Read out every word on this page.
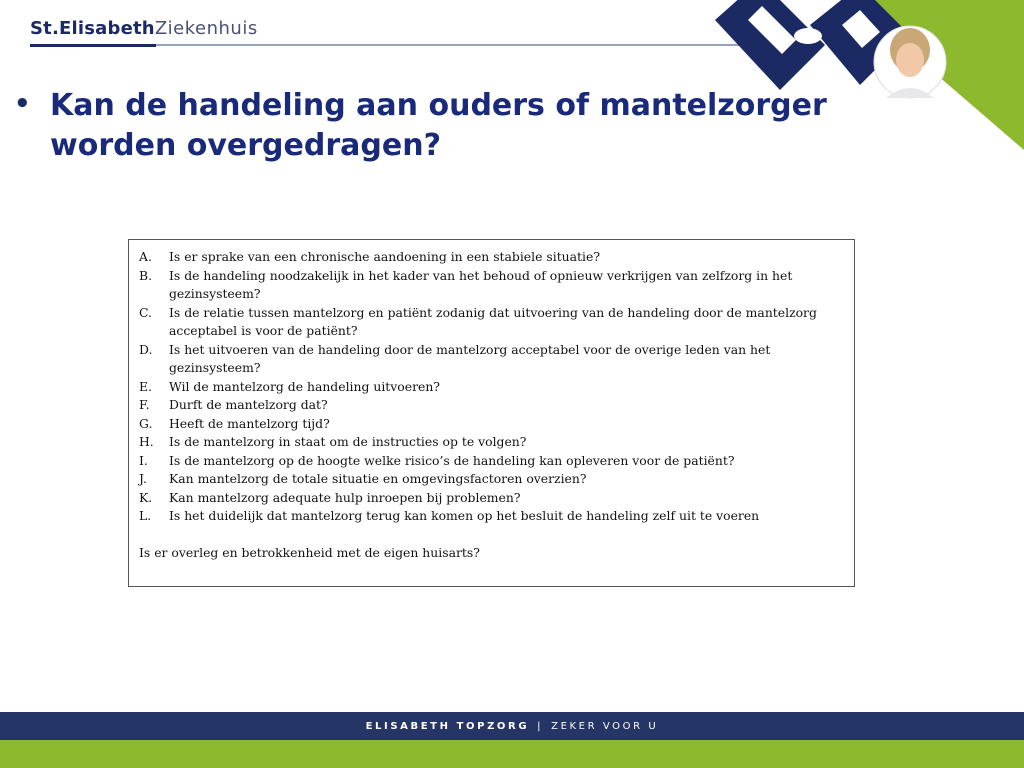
St.Elisabeth Ziekenhuis
• Kan de handeling aan ouders of mantelzorger worden overgedragen?
A.	Is er sprake van een chronische aandoening in een stabiele situatie?
B.	Is de handeling noodzakelijk in het kader van het behoud of opnieuw verkrijgen van zelfzorg in het gezinsysteem?
C.	Is de relatie tussen mantelzorg en patiënt zodanig dat uitvoering van de handeling door de mantelzorg acceptabel is voor de patiënt?
D.	Is het uitvoeren van de handeling door de mantelzorg acceptabel voor de overige leden van het gezinsysteem?
E.	Wil de mantelzorg de handeling uitvoeren?
F.	Durft de mantelzorg dat?
G.	Heeft de mantelzorg tijd?
H.	Is de mantelzorg in staat om de instructies op te volgen?
I.	Is de mantelzorg op de hoogte welke risico’s de handeling kan opleveren voor de patiënt?
J.	Kan mantelzorg de totale situatie en omgevingsfactoren overzien?
K.	Kan mantelzorg adequate hulp inroepen bij problemen?
L.	Is het duidelijk dat mantelzorg terug kan komen op het besluit de handeling zelf uit te voeren
Is er overleg en betrokkenheid met de eigen huisarts?
ELISABETH TOPZORG | ZEKER VOOR U
